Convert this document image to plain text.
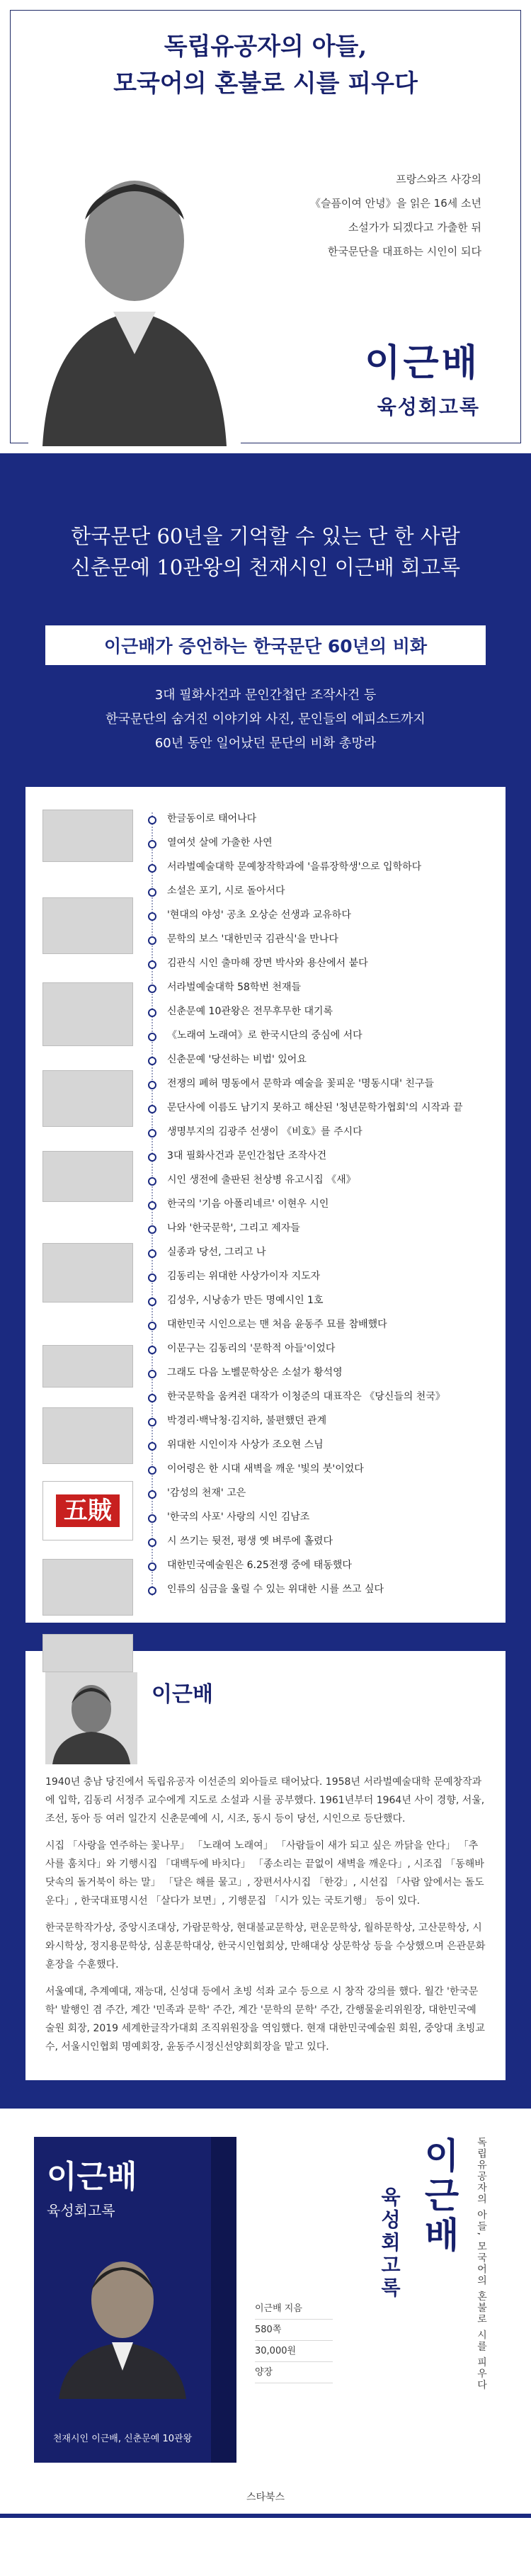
독립유공자의 아들,
모국어의 혼불로 시를 피우다
프랑스와즈 사강의
《슬픔이여 안녕》을 읽은 16세 소년
소설가가 되겠다고 가출한 뒤
한국문단을 대표하는 시인이 되다
이근배
육성회고록
한국문단 60년을 기억할 수 있는 단 한 사람
신춘문예 10관왕의 천재시인 이근배 회고록
이근배가 증언하는 한국문단 60년의 비화
3대 필화사건과 문인간첩단 조작사건 등
한국문단의 숨겨진 이야기와 사진, 문인들의 에피소드까지
60년 동안 일어났던 문단의 비화 총망라
五賊
한글동이로 태어나다
열여섯 살에 가출한 사연
서라벌예술대학 문예창작학과에 '을류장학생'으로 입학하다
소설은 포기, 시로 돌아서다
'현대의 야성' 공초 오상순 선생과 교유하다
문학의 보스 '대한민국 김관식'을 만나다
김관식 시인 출마해 장면 박사와 용산에서 붙다
서라벌예술대학 58학번 천재들
신춘문예 10관왕은 전무후무한 대기록
《노래여 노래여》로 한국시단의 중심에 서다
신춘문예 '당선하는 비법' 있어요
전쟁의 폐허 명동에서 문학과 예술을 꽃피운 '명동시대' 친구들
문단사에 이름도 남기지 못하고 해산된 '청년문학가협회'의 시작과 끝
생명부지의 김광주 선생이 《비호》를 주시다
3대 필화사건과 문인간첩단 조작사건
시인 생전에 출판된 천상병 유고시집 《새》
한국의 '기음 아폴리네르' 이현우 시인
나와 '한국문학', 그리고 제자들
실종과 당선, 그리고 나
김동리는 위대한 사상가이자 지도자
김성우, 시낭송가 만든 명예시인 1호
대한민국 시인으로는 맨 처음 윤동주 묘를 참배했다
이문구는 김동리의 '문학적 아들'이었다
그래도 다음 노벨문학상은 소설가 황석영
한국문학을 움켜쥔 대작가 이청준의 대표작은 《당신들의 천국》
박경리·백낙청·김지하, 불편했던 관계
위대한 시인이자 사상가 조오현 스님
이어령은 한 시대 새벽을 깨운 '빛의 붓'이었다
'감성의 천재' 고은
'한국의 사포' 사랑의 시인 김남조
시 쓰기는 뒷전, 평생 옛 벼루에 홀렸다
대한민국예술원은 6.25전쟁 중에 태동했다
인류의 심금을 울릴 수 있는 위대한 시를 쓰고 싶다
이근배

1940년 충남 당진에서 독립유공자 이선준의 외아들로 태어났다. 1958년 서라벌예술대학 문예창작과에 입학, 김동리 서정주 교수에게 지도로 소설과 시를 공부했다. 1961년부터 1964년 사이 경향, 서울, 조선, 동아 등 여러 일간지 신춘문예에 시, 시조, 동시 등이 당선, 시인으로 등단했다.

시집 「사랑을 연주하는 꽃나무」 「노래여 노래여」 「사람들이 새가 되고 싶은 까닭을 안다」 「추사를 훔치다」와 기행시집 「대백두에 바치다」 「종소리는 끝없이 새벽을 깨운다」, 시조집 「동해바닷속의 돌거북이 하는 말」 「달은 해를 물고」, 장편서사시집 「한강」, 시선집 「사람 앞에서는 돌도 운다」, 한국대표명시선 「살다가 보면」, 기행문집 「시가 있는 국토기행」 등이 있다.

한국문학작가상, 중앙시조대상, 가람문학상, 현대불교문학상, 편운문학상, 월하문학상, 고산문학상, 시와시학상, 정지용문학상, 심훈문학대상, 한국시인협회상, 만해대상 상문학상 등을 수상했으며 은관문화훈장을 수훈했다.

서울예대, 추계예대, 재능대, 신성대 등에서 초빙 석좌 교수 등으로 시 창작 강의를 했다. 월간 '한국문학' 발행인 겸 주간, 계간 '민족과 문학' 주간, 계간 '문학의 문학' 주간, 간행물윤리위원장, 대한민국예술원 회장, 2019 세계한글작가대회 조직위원장을 역임했다. 현재 대한민국예술원 회원, 중앙대 초빙교수, 서울시인협회 명예회장, 윤동주시정신선양회회장을 맡고 있다.

이근배
육성회고록
천재시인 이근배, 신춘문예 10관왕
이근배 지음
580쪽
30,000원
양장	독립유공자의 아들, 모국어의 혼불로 시를 피우다
이근배
육성회고록
스타북스
